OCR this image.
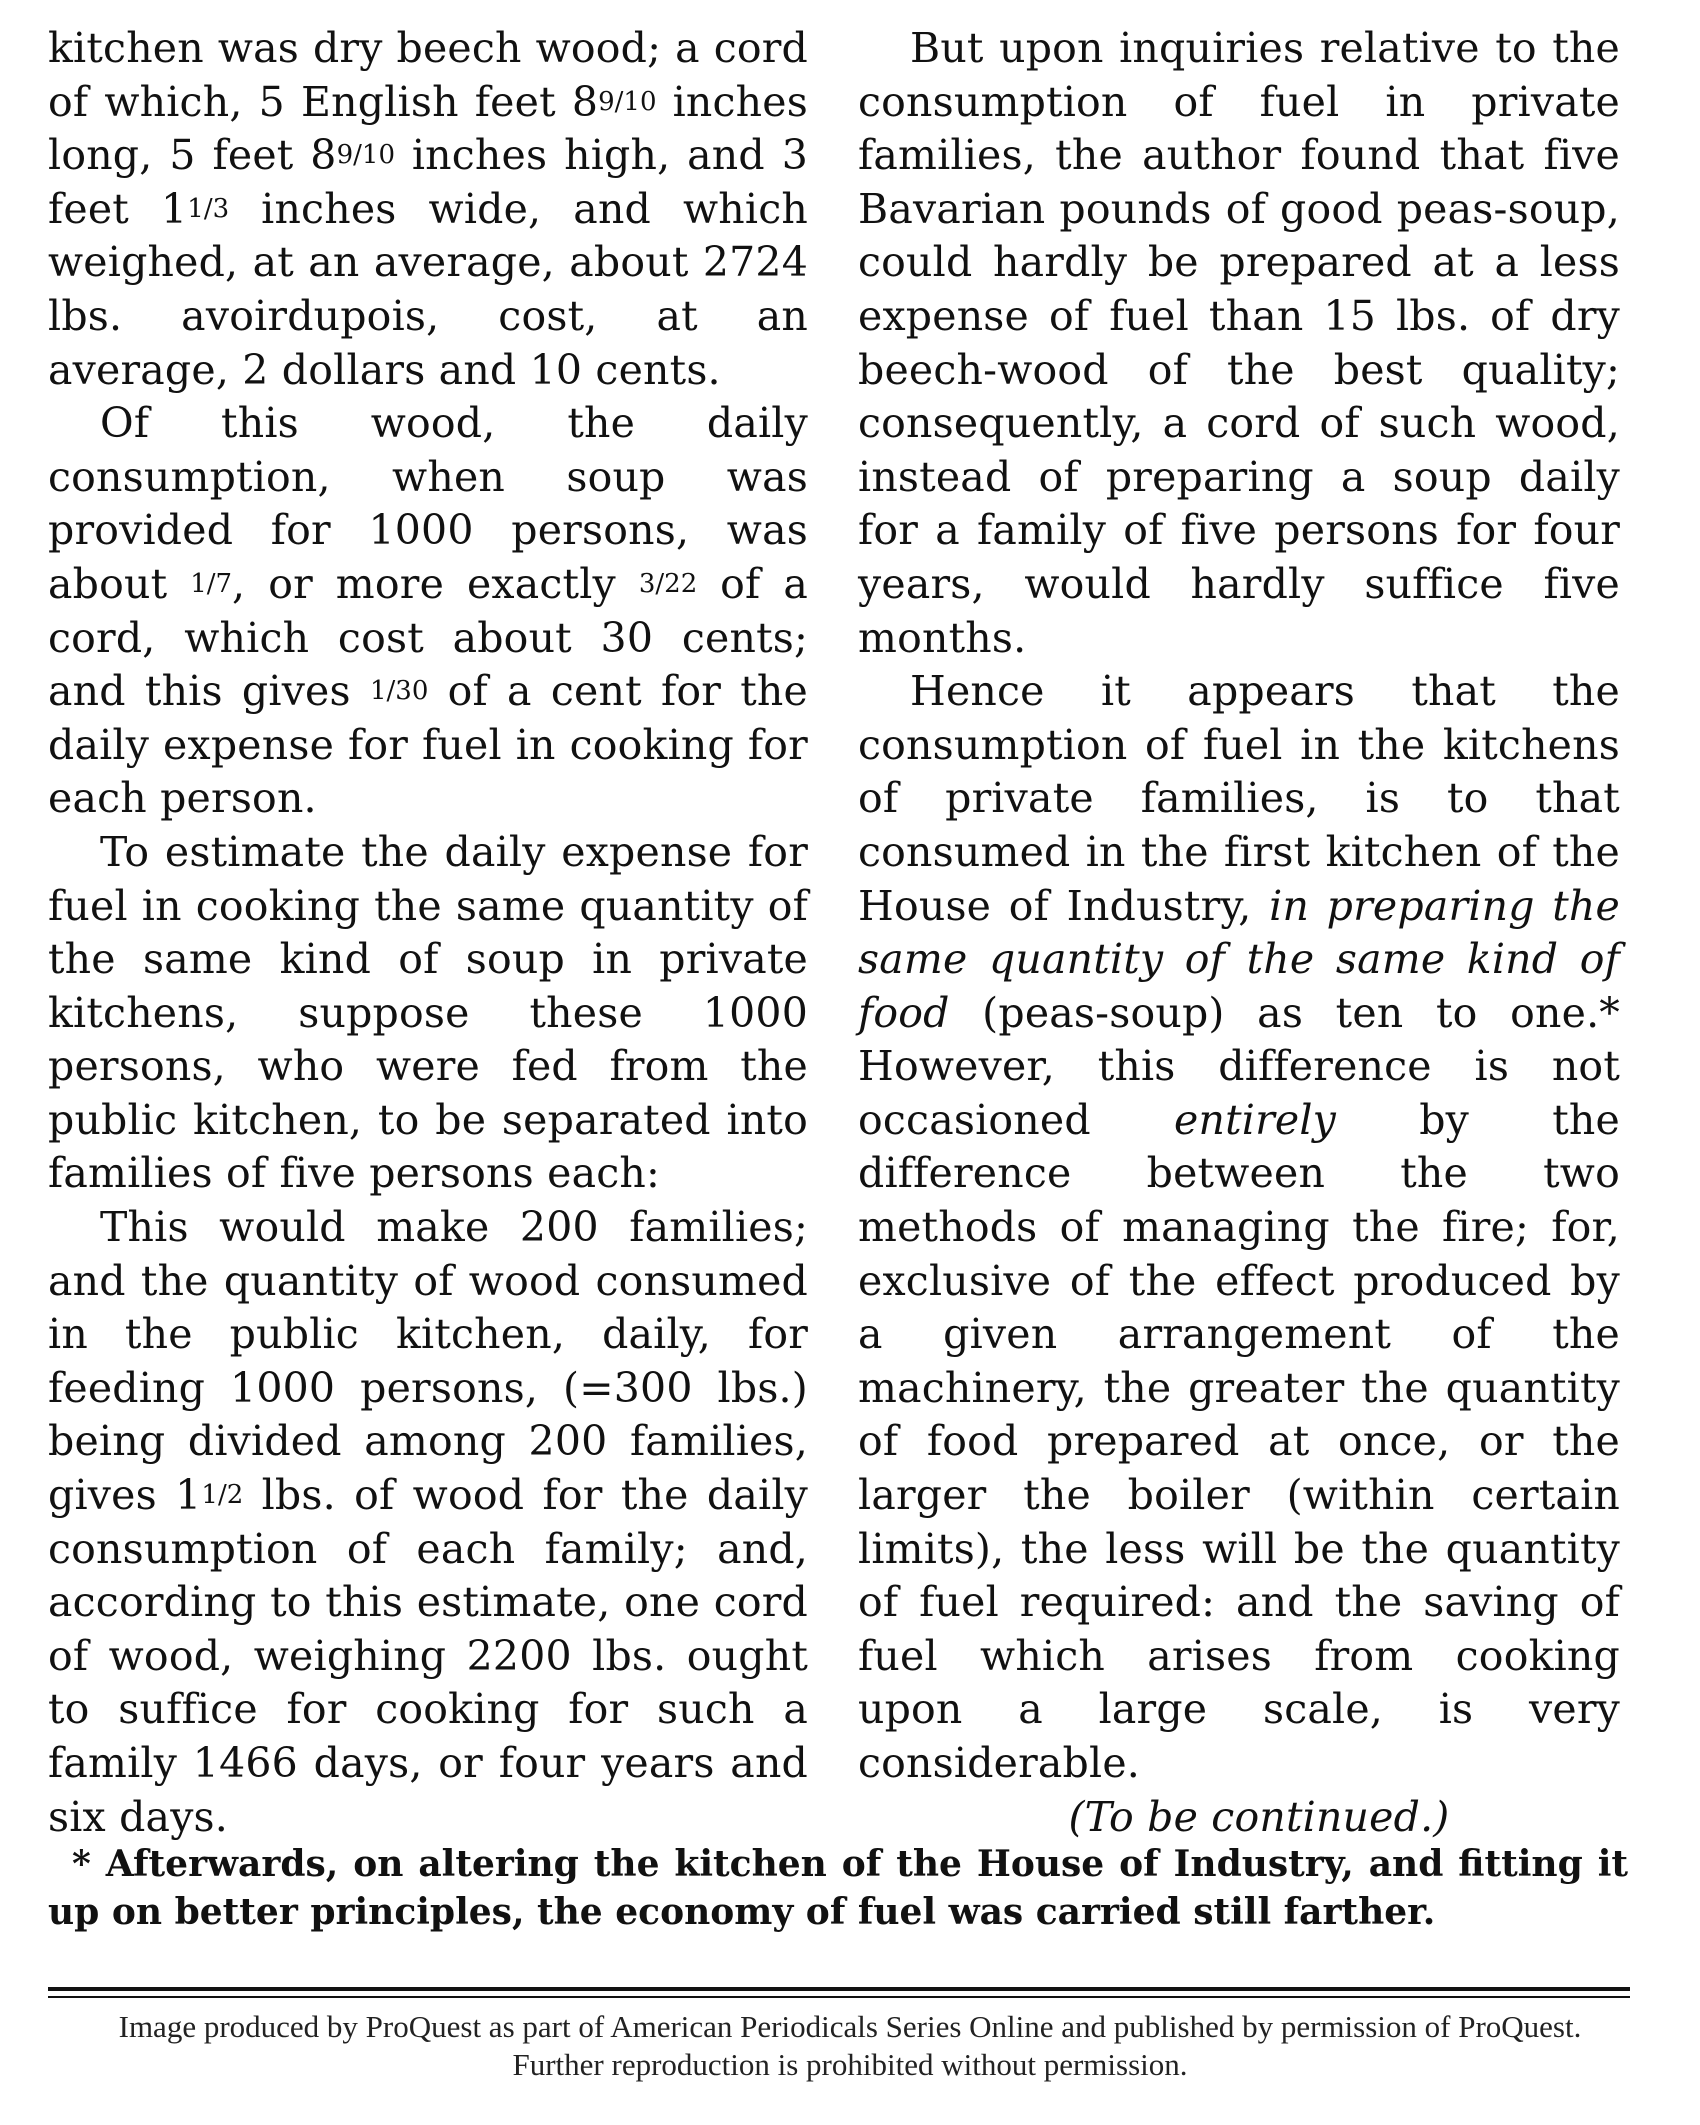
kitchen was dry beech wood; a cord of which, 5 English feet 89/10 inches long, 5 feet 89/10 inches high, and 3 feet 11/3 inches wide, and which weighed, at an average, about 2724 lbs. avoirdupois, cost, at an average, 2 dollars and 10 cents.

Of this wood, the daily consumption, when soup was provided for 1000 persons, was about 1/7, or more exactly 3/22 of a cord, which cost about 30 cents; and this gives 1/30 of a cent for the daily expense for fuel in cooking for each person.

To estimate the daily expense for fuel in cooking the same quantity of the same kind of soup in private kitchens, suppose these 1000 persons, who were fed from the public kitchen, to be separated into families of five persons each:

This would make 200 families; and the quantity of wood consumed in the public kitchen, daily, for feeding 1000 persons, (=300 lbs.) being divided among 200 families, gives 11/2 lbs. of wood for the daily consumption of each family; and, according to this estimate, one cord of wood, weighing 2200 lbs. ought to suffice for cooking for such a family 1466 days, or four years and six days.

But upon inquiries relative to the consumption of fuel in private families, the author found that five Bavarian pounds of good peas-soup, could hardly be prepared at a less expense of fuel than 15 lbs. of dry beech-wood of the best quality; consequently, a cord of such wood, instead of preparing a soup daily for a family of five persons for four years, would hardly suffice five months.

Hence it appears that the consumption of fuel in the kitchens of private families, is to that consumed in the first kitchen of the House of Industry, in preparing the same quantity of the same kind of food (peas-soup) as ten to one.* However, this difference is not occasioned entirely by the difference between the two methods of managing the fire; for, exclusive of the effect produced by a given arrangement of the machinery, the greater the quantity of food prepared at once, or the larger the boiler (within certain limits), the less will be the quantity of fuel required: and the saving of fuel which arises from cooking upon a large scale, is very considerable.

(To be continued.)

* Afterwards, on altering the kitchen of the House of Industry, and fitting it up on better principles, the economy of fuel was carried still farther.

Image produced by ProQuest as part of American Periodicals Series Online and published by permission of ProQuest.
Further reproduction is prohibited without permission.
